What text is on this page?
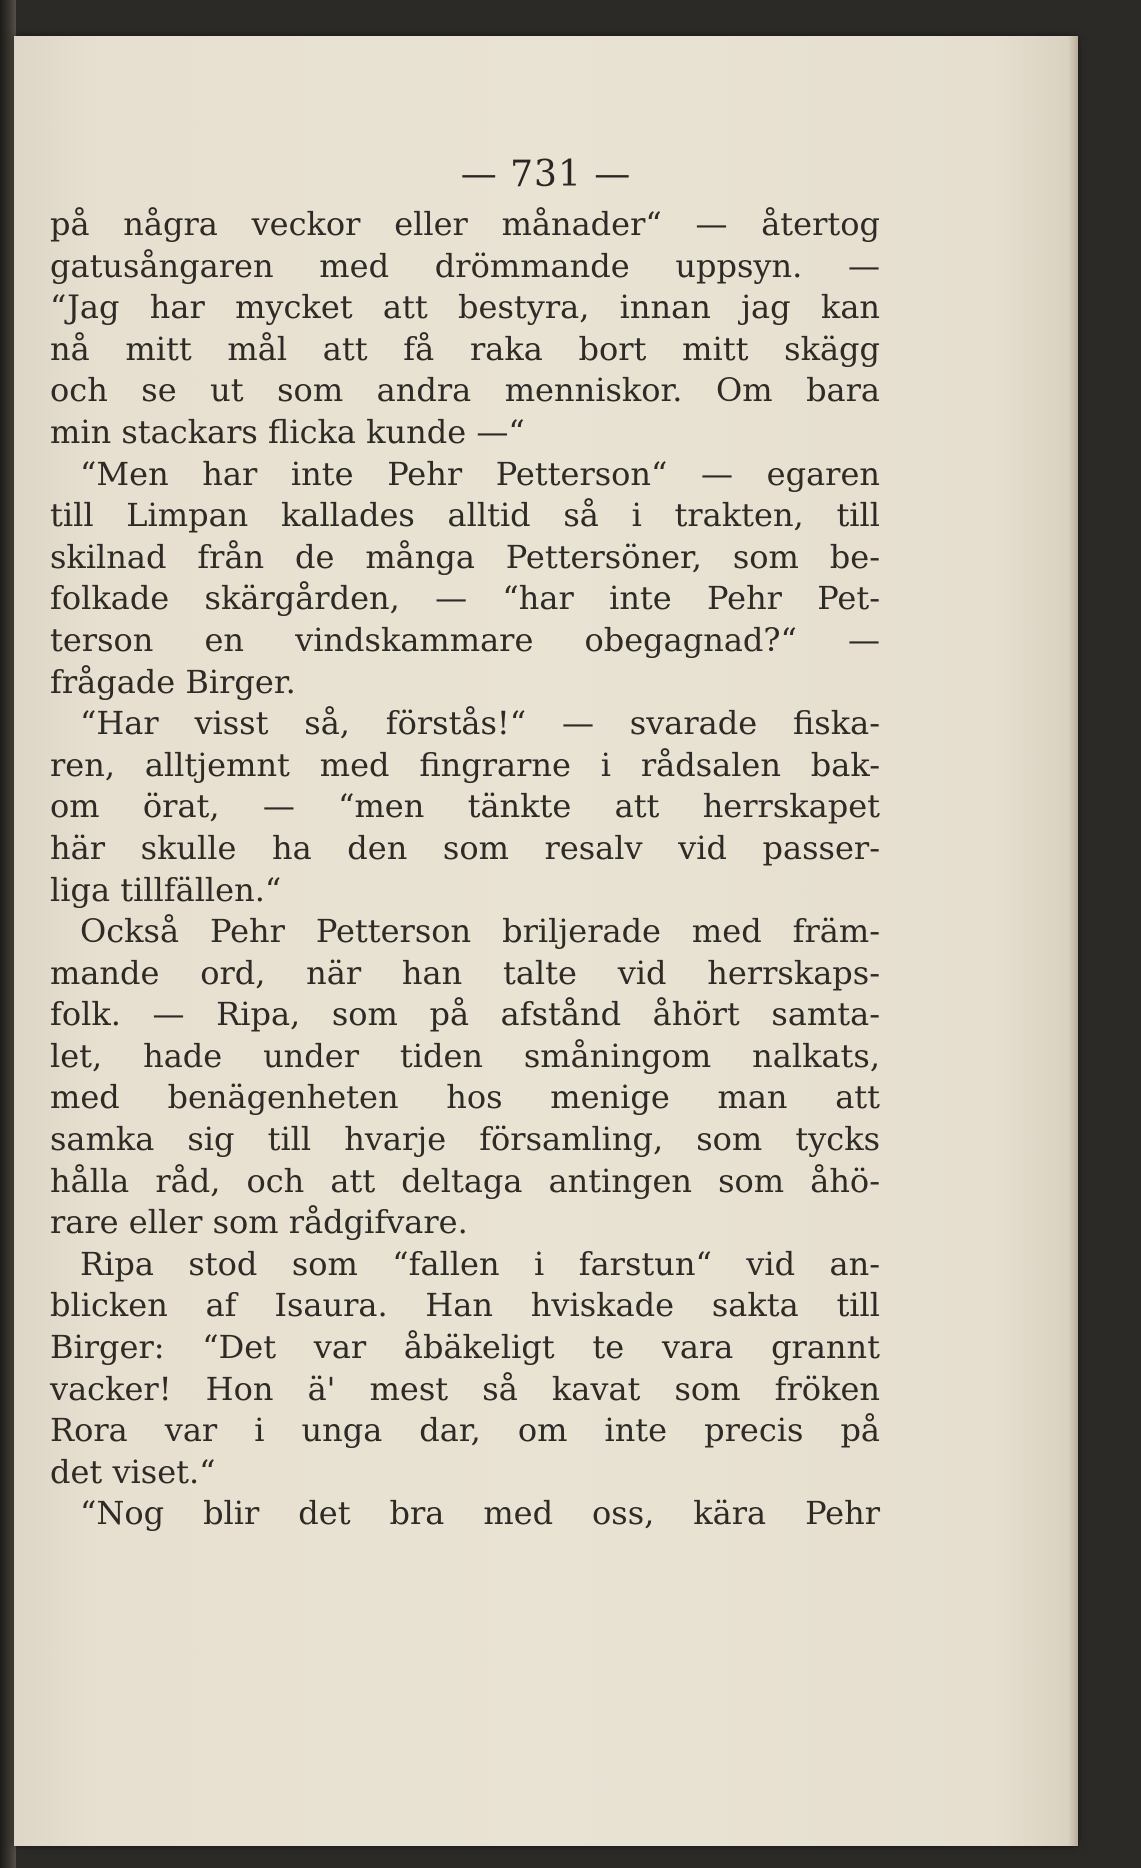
— 731 —
på några veckor eller månader“ — återtog
gatusångaren med drömmande uppsyn. —
“Jag har mycket att bestyra, innan jag kan
nå mitt mål att få raka bort mitt skägg
och se ut som andra menniskor. Om bara
min stackars flicka kunde —“
“Men har inte Pehr Petterson“ — egaren
till Limpan kallades alltid så i trakten, till
skilnad från de många Pettersöner, som be-
folkade skärgården, — “har inte Pehr Pet-
terson en vindskammare obegagnad?“ —
frågade Birger.
“Har visst så, förstås!“ — svarade fiska-
ren, alltjemnt med fingrarne i rådsalen bak-
om örat, — “men tänkte att herrskapet
här skulle ha den som resalv vid passer-
liga tillfällen.“
Också Pehr Petterson briljerade med främ-
mande ord, när han talte vid herrskaps-
folk. — Ripa, som på afstånd åhört samta-
let, hade under tiden småningom nalkats,
med benägenheten hos menige man att
samka sig till hvarje församling, som tycks
hålla råd, och att deltaga antingen som åhö-
rare eller som rådgifvare.
Ripa stod som “fallen i farstun“ vid an-
blicken af Isaura. Han hviskade sakta till
Birger: “Det var åbäkeligt te vara grannt
vacker! Hon ä' mest så kavat som fröken
Rora var i unga dar, om inte precis på
det viset.“
“Nog blir det bra med oss, kära Pehr
